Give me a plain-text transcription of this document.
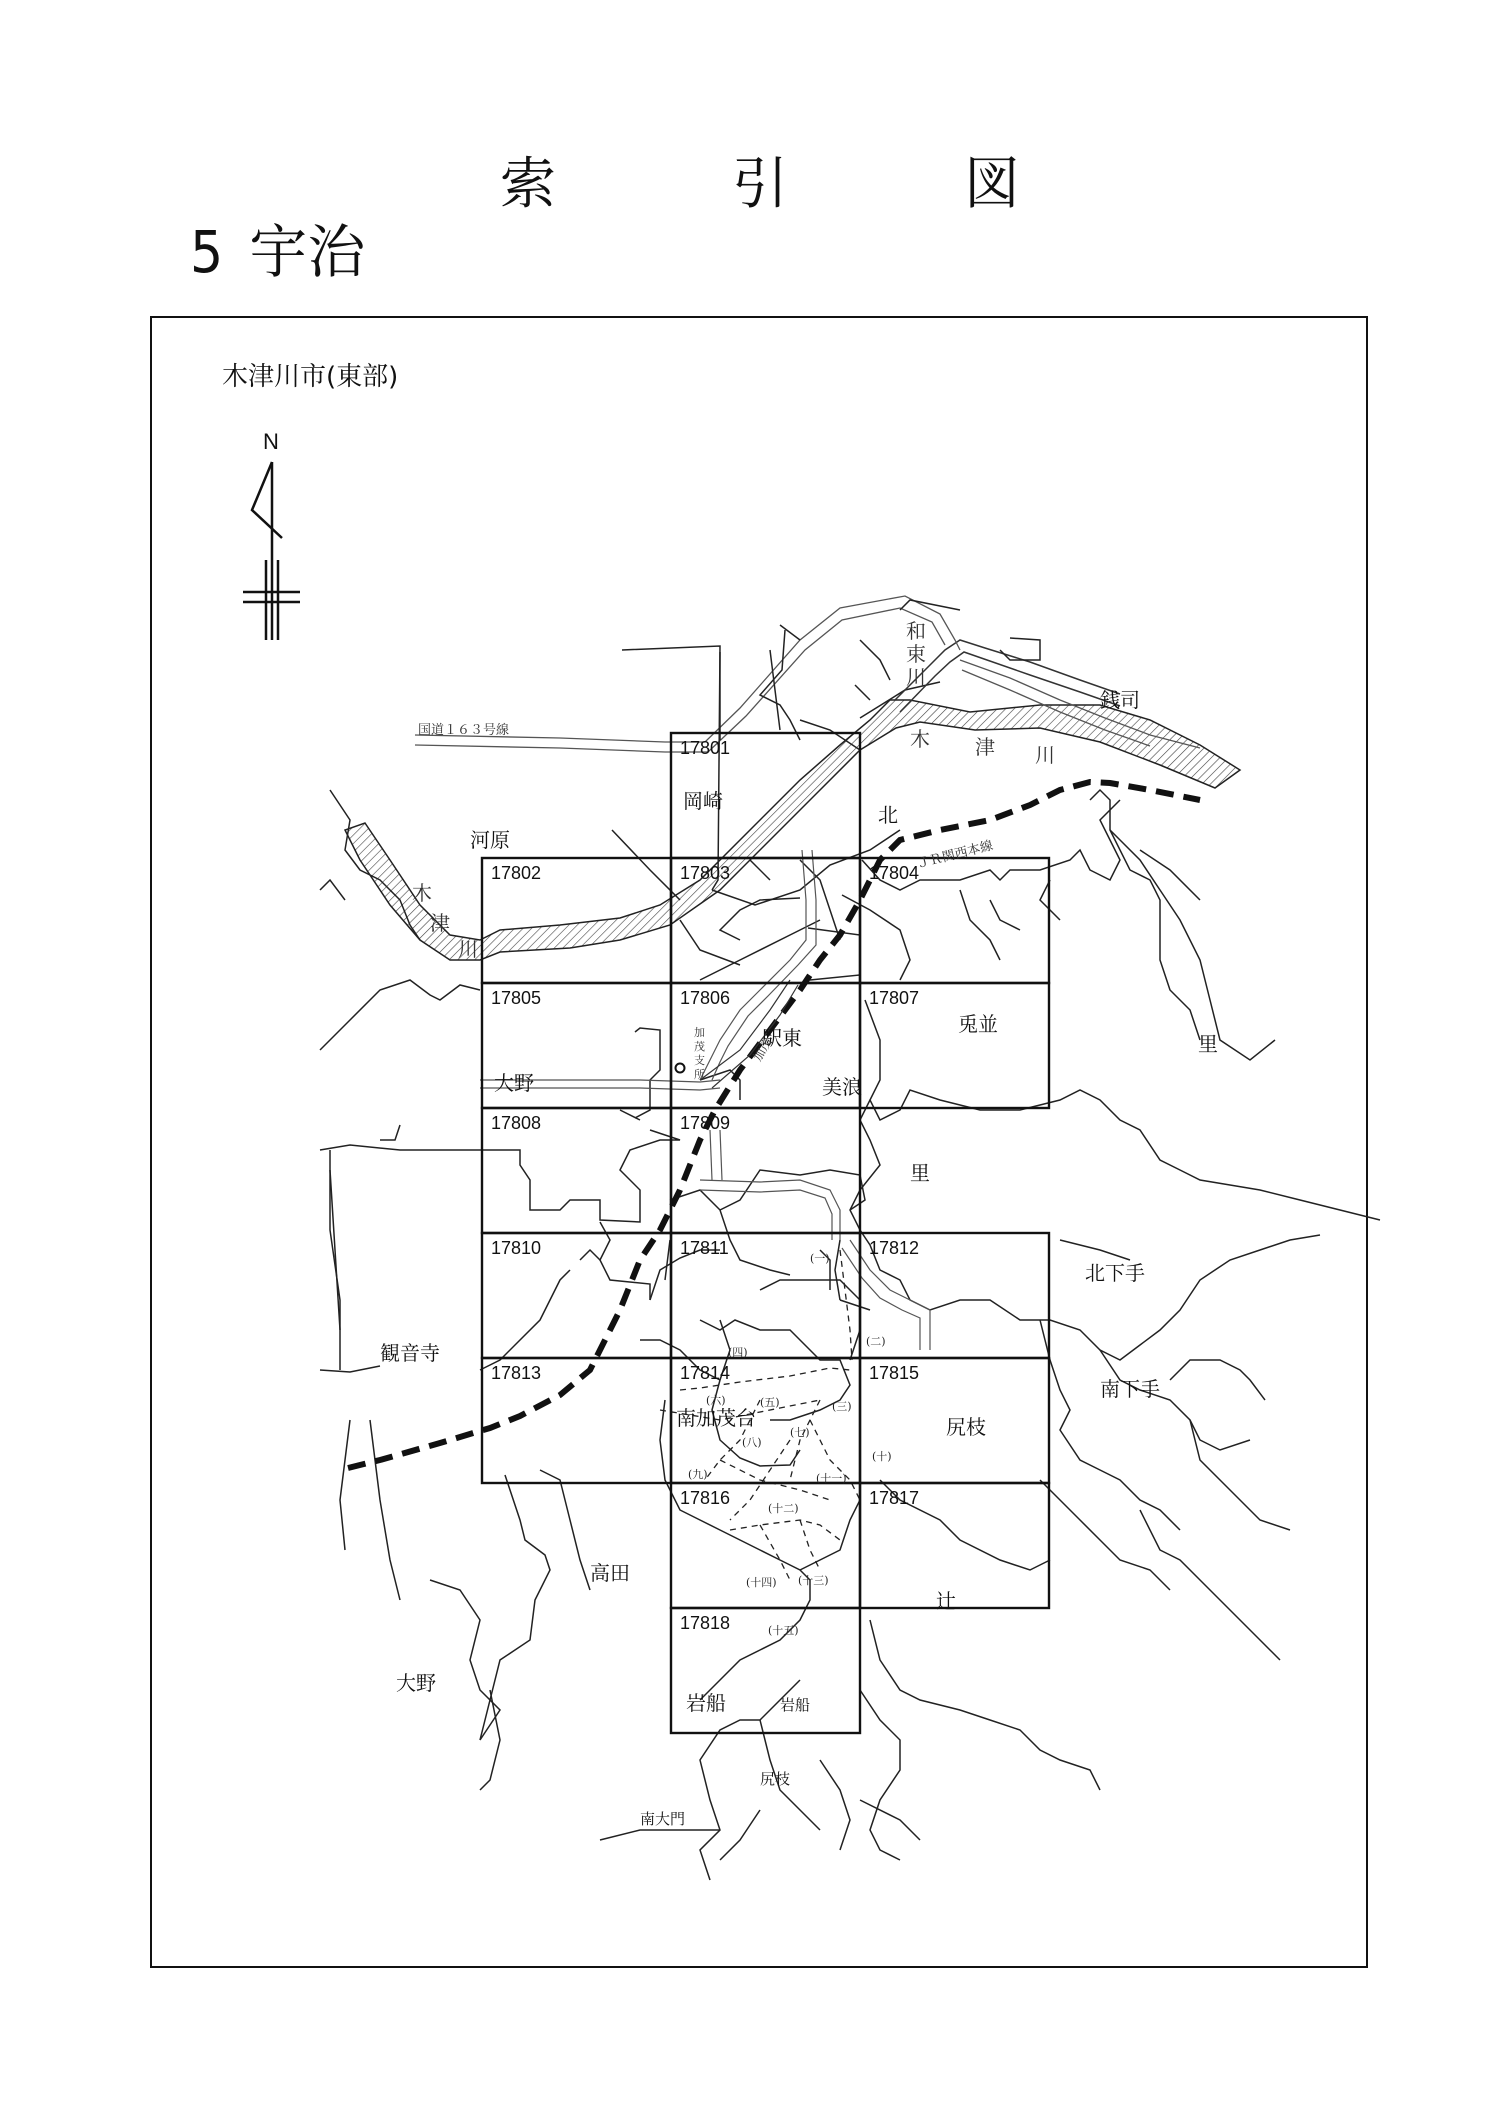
索	引	図
5 宇治
木津川市(東部)
N
17801
17802	17803	17804
17805	17806	17807
17808	17809
17810	17811	17812
17813	17814	17815
17816	17817
17818
岡崎
河原
北
銭司
駅東
兎並
大野	美浪
里
里
北下手
南下手
観音寺
南加茂台	尻枝
高田
辻
大野
岩船	岩船
尻枝
南大門
木 津 川
木
津
川
和
束
川
国道１６３号線
ＪＲ関西本線
加茂
加
茂
支
所
(一)
(二)
(三)
(四)
(五)
(六)
(七)
(八)
(九)
(十)
(十一)
(十二)
(十三)
(十四)
(十五)
